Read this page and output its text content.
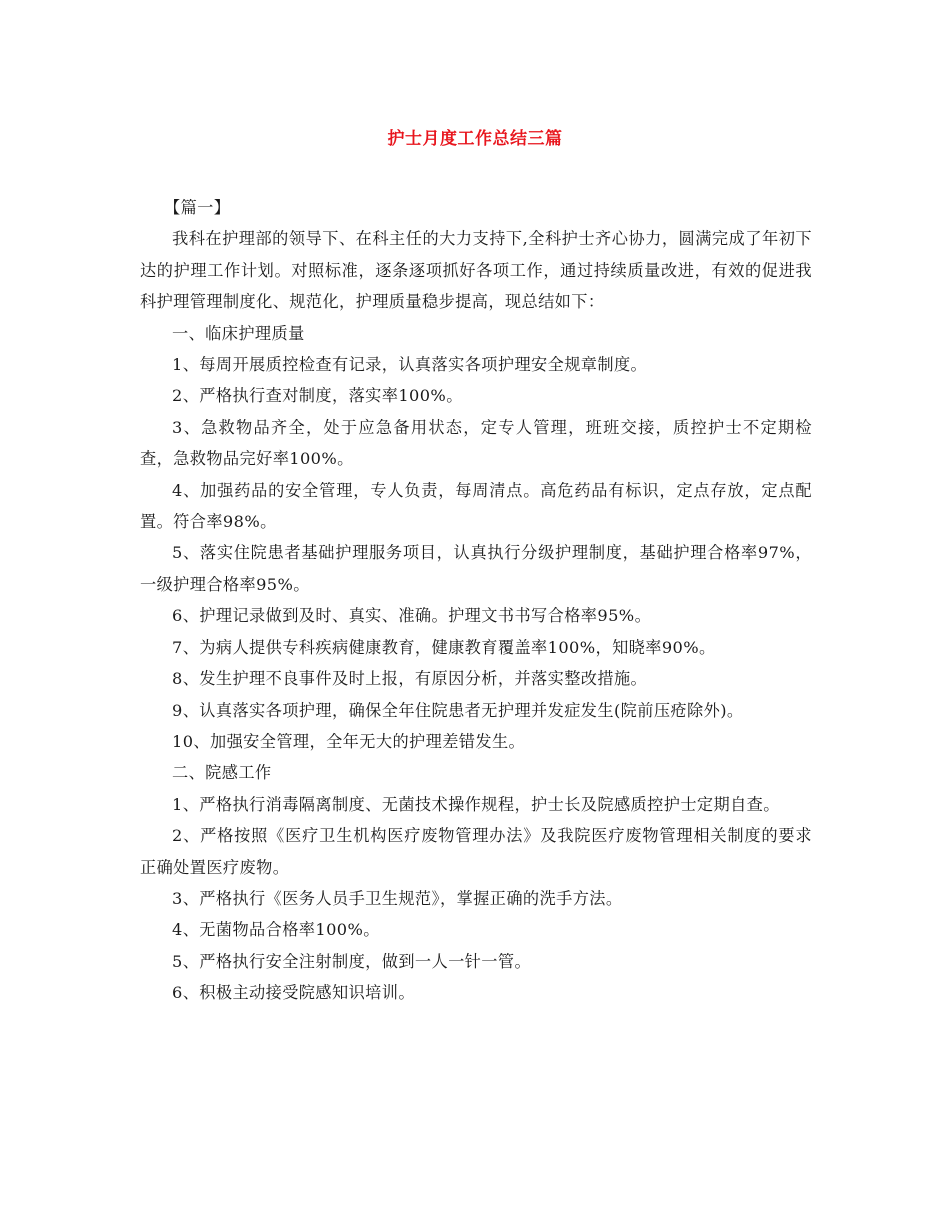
护士月度工作总结三篇

【篇一】

我科在护理部的领导下、在科主任的大力支持下,全科护士齐心协力，圆满完成了年初下达的护理工作计划。对照标准，逐条逐项抓好各项工作，通过持续质量改进，有效的促进我科护理管理制度化、规范化，护理质量稳步提高，现总结如下：

一、临床护理质量

1、每周开展质控检查有记录，认真落实各项护理安全规章制度。

2、严格执行查对制度，落实率100%。

3、急救物品齐全，处于应急备用状态，定专人管理，班班交接，质控护士不定期检查，急救物品完好率100%。

4、加强药品的安全管理，专人负责，每周清点。高危药品有标识，定点存放，定点配置。符合率98%。

5、落实住院患者基础护理服务项目，认真执行分级护理制度，基础护理合格率97%，一级护理合格率95%。

6、护理记录做到及时、真实、准确。护理文书书写合格率95%。

7、为病人提供专科疾病健康教育，健康教育覆盖率100%，知晓率90%。

8、发生护理不良事件及时上报，有原因分析，并落实整改措施。

9、认真落实各项护理，确保全年住院患者无护理并发症发生(院前压疮除外)。

10、加强安全管理，全年无大的护理差错发生。

二、院感工作

1、严格执行消毒隔离制度、无菌技术操作规程，护士长及院感质控护士定期自查。

2、严格按照《医疗卫生机构医疗废物管理办法》及我院医疗废物管理相关制度的要求正确处置医疗废物。

3、严格执行《医务人员手卫生规范》，掌握正确的洗手方法。

4、无菌物品合格率100%。

5、严格执行安全注射制度，做到一人一针一管。

6、积极主动接受院感知识培训。
